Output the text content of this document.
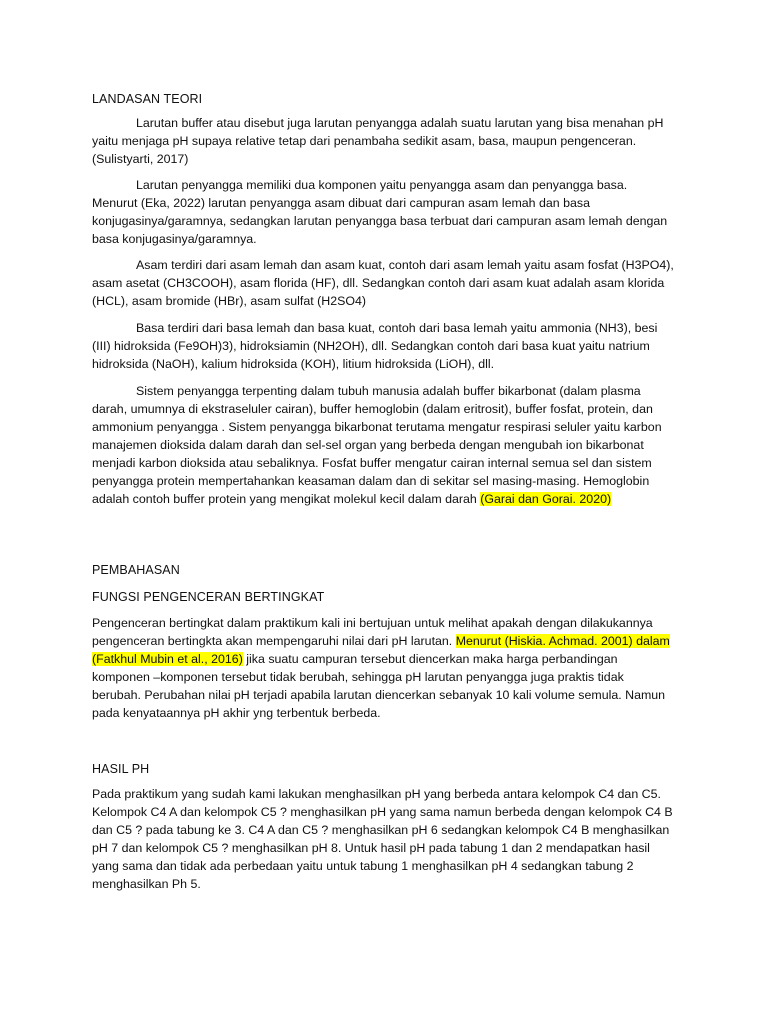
LANDASAN TEORI

Larutan buffer atau disebut juga larutan penyangga adalah suatu larutan yang bisa menahan pH yaitu menjaga pH supaya relative tetap dari penambaha sedikit asam, basa, maupun pengenceran. (Sulistyarti, 2017)

Larutan penyangga memiliki dua komponen yaitu penyangga asam dan penyangga basa. Menurut (Eka, 2022) larutan penyangga asam dibuat dari campuran asam lemah dan basa konjugasinya/garamnya, sedangkan larutan penyangga basa terbuat dari campuran asam lemah dengan basa konjugasinya/garamnya.

Asam terdiri dari asam lemah dan asam kuat, contoh dari asam lemah yaitu asam fosfat (H3PO4), asam asetat (CH3COOH), asam florida (HF), dll. Sedangkan contoh dari asam kuat adalah asam klorida (HCL), asam bromide (HBr), asam sulfat (H2SO4)

Basa terdiri dari basa lemah dan basa kuat, contoh dari basa lemah yaitu ammonia (NH3), besi (III) hidroksida (Fe9OH)3), hidroksiamin (NH2OH), dll. Sedangkan contoh dari basa kuat yaitu natrium hidroksida (NaOH), kalium hidroksida (KOH), litium hidroksida (LiOH), dll.

Sistem penyangga terpenting dalam tubuh manusia adalah buffer bikarbonat (dalam plasma darah, umumnya di ekstraseluler cairan), buffer hemoglobin (dalam eritrosit), buffer fosfat, protein, dan ammonium penyangga . Sistem penyangga bikarbonat terutama mengatur respirasi seluler yaitu karbon manajemen dioksida dalam darah dan sel-sel organ yang berbeda dengan mengubah ion bikarbonat menjadi karbon dioksida atau sebaliknya. Fosfat buffer mengatur cairan internal semua sel dan sistem penyangga protein mempertahankan keasaman dalam dan di sekitar sel masing-masing. Hemoglobin adalah contoh buffer protein yang mengikat molekul kecil dalam darah (Garai dan Gorai. 2020)

PEMBAHASAN
FUNGSI PENGENCERAN BERTINGKAT

Pengenceran bertingkat dalam praktikum kali ini bertujuan untuk melihat apakah dengan dilakukannya pengenceran bertingkta akan mempengaruhi nilai dari pH larutan. Menurut (Hiskia. Achmad. 2001) dalam (Fatkhul Mubin et al., 2016) jika suatu campuran tersebut diencerkan maka harga perbandingan komponen –komponen tersebut tidak berubah, sehingga pH larutan penyangga juga praktis tidak berubah. Perubahan nilai pH terjadi apabila larutan diencerkan sebanyak 10 kali volume semula. Namun pada kenyataannya pH akhir yng terbentuk berbeda.

HASIL PH

Pada praktikum yang sudah kami lakukan menghasilkan pH yang berbeda antara kelompok C4 dan C5. Kelompok C4 A dan kelompok C5 ? menghasilkan pH yang sama namun berbeda dengan kelompok C4 B dan C5 ? pada tabung ke 3. C4 A dan C5 ? menghasilkan pH 6 sedangkan kelompok C4 B menghasilkan pH 7 dan kelompok C5 ? menghasilkan pH 8. Untuk hasil pH pada tabung 1 dan 2 mendapatkan hasil yang sama dan tidak ada perbedaan yaitu untuk tabung 1 menghasilkan pH 4 sedangkan tabung 2 menghasilkan Ph 5.
